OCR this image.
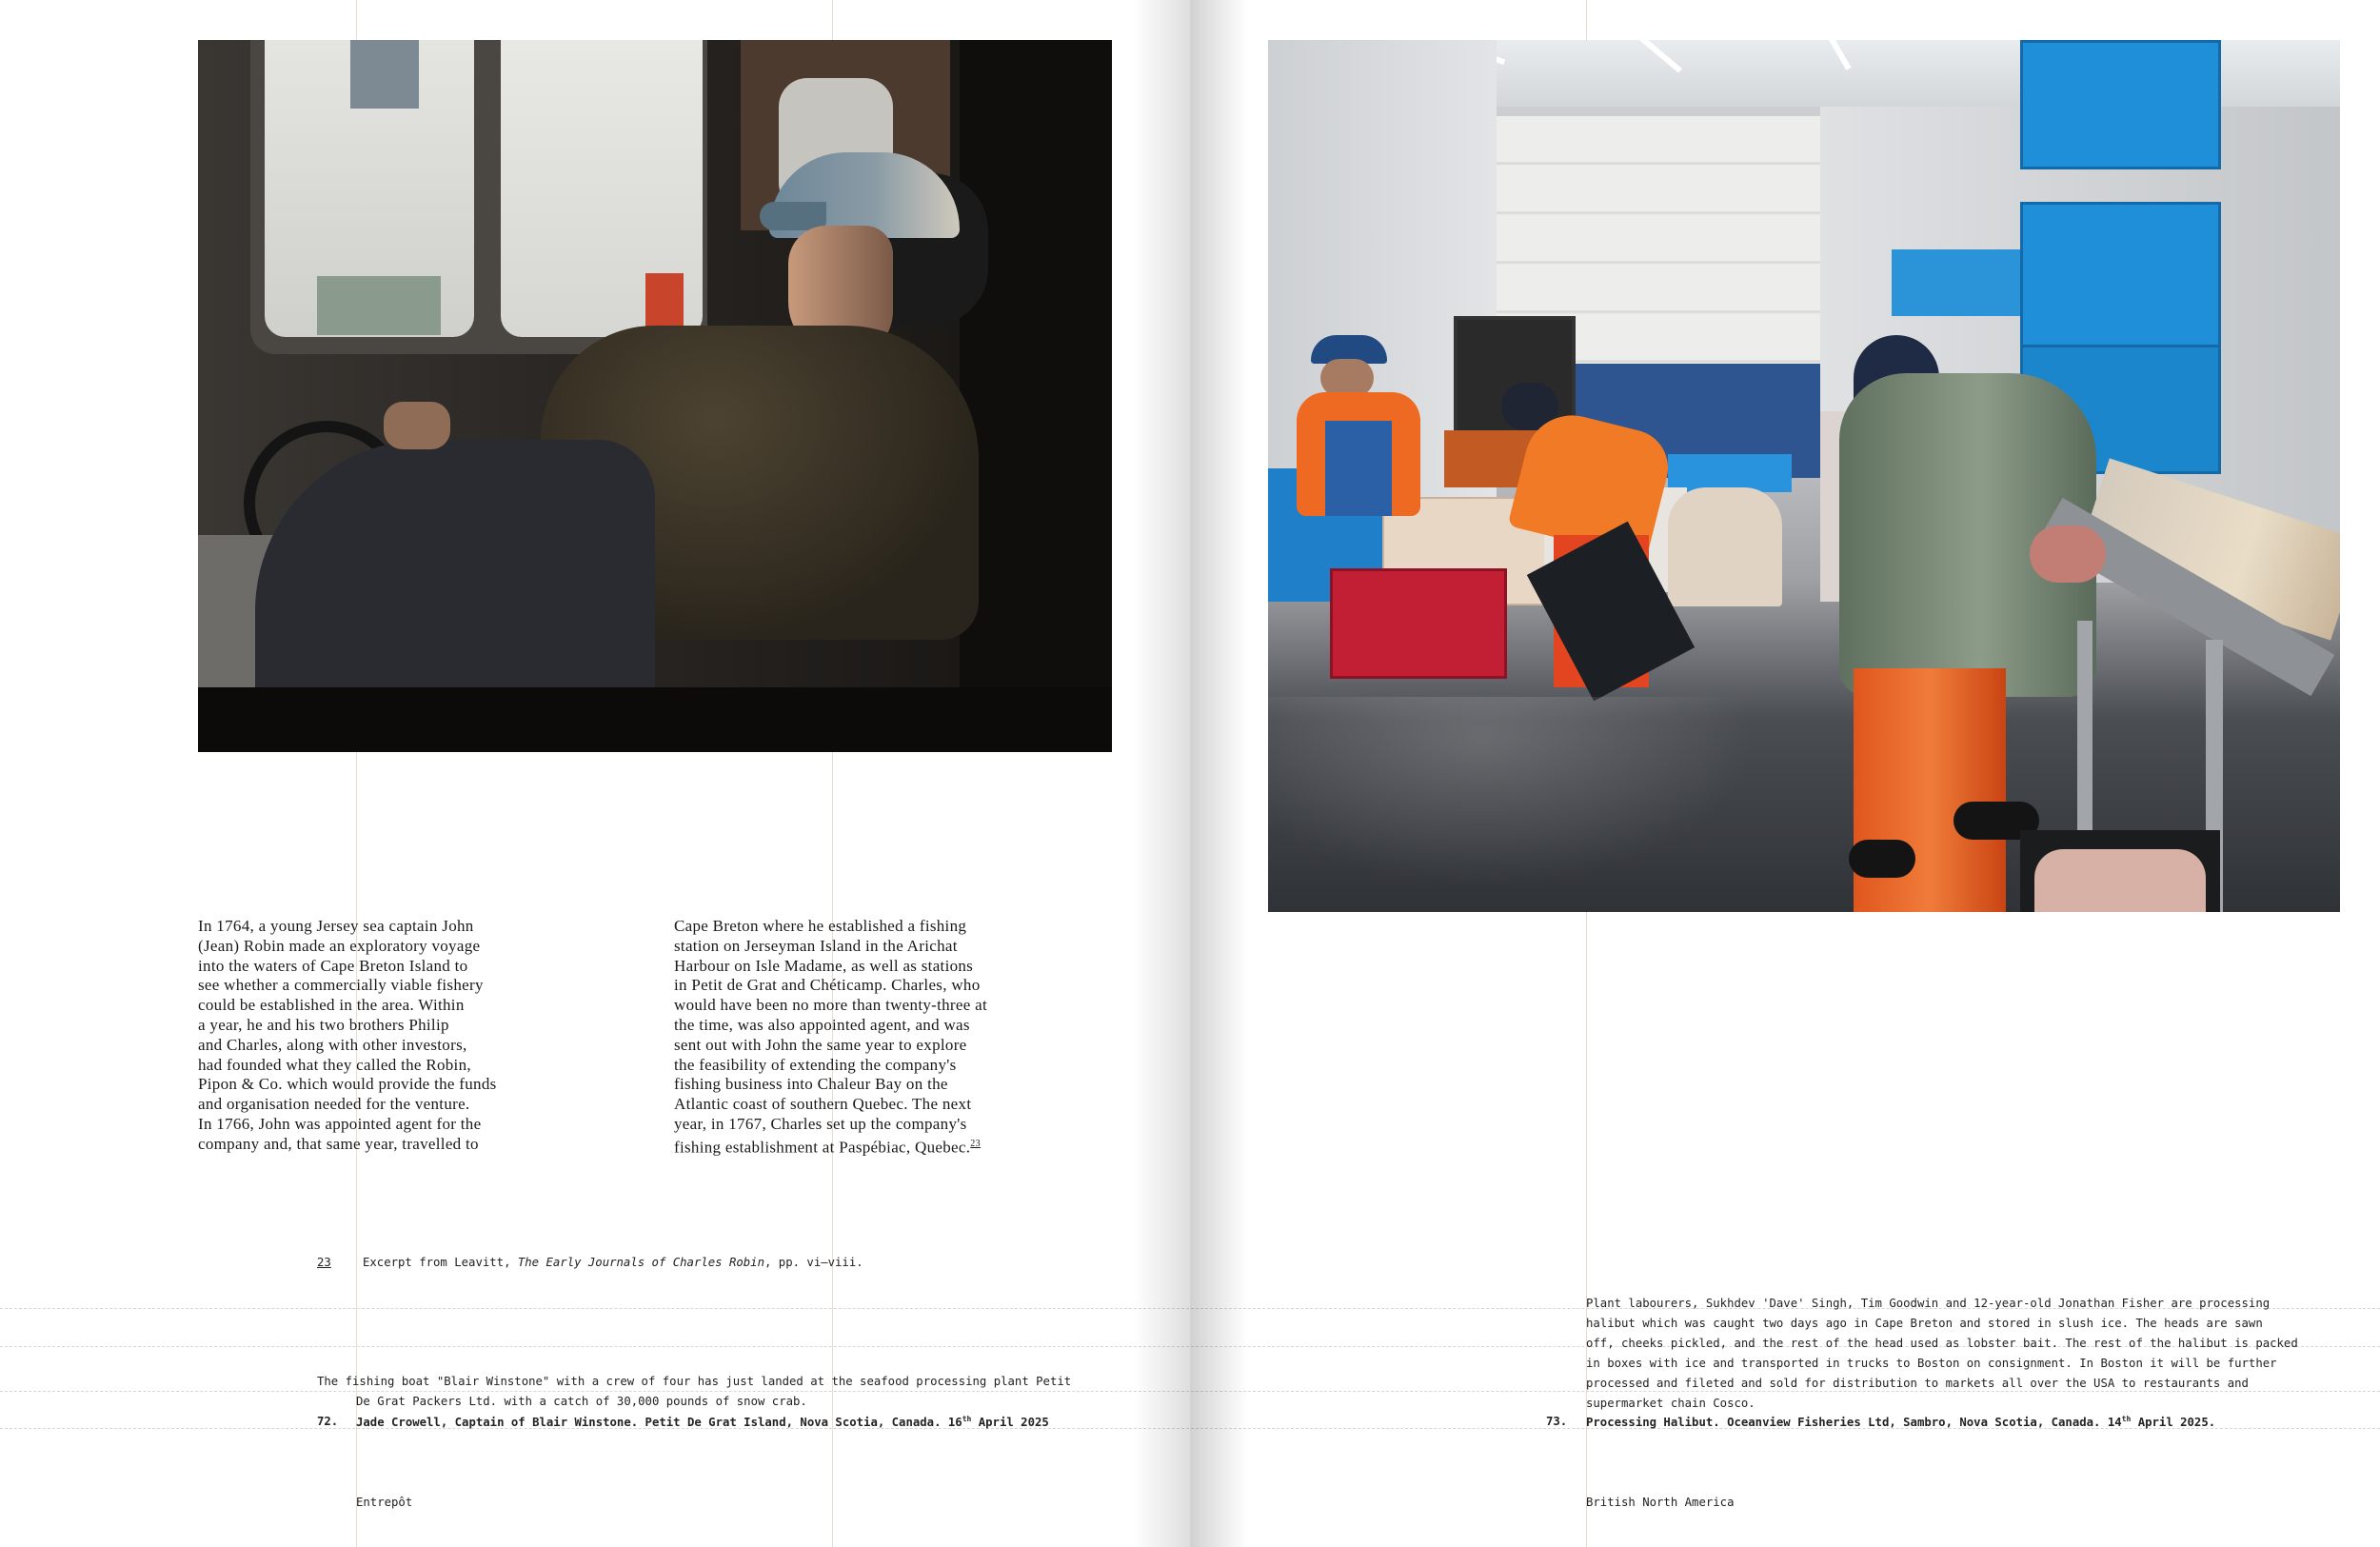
In 1764, a young Jersey sea captain John
(Jean) Robin made an exploratory voyage
into the waters of Cape Breton Island to
see whether a commercially viable fishery
could be established in the area. Within
a year, he and his two brothers Philip
and Charles, along with other investors,
had founded what they called the Robin,
Pipon & Co. which would provide the funds
and organisation needed for the venture.
In 1766, John was appointed agent for the
company and, that same year, travelled to
Cape Breton where he established a fishing
station on Jerseyman Island in the Arichat
Harbour on Isle Madame, as well as stations
in Petit de Grat and Chéticamp. Charles, who
would have been no more than twenty-three at
the time, was also appointed agent, and was
sent out with John the same year to explore
the feasibility of extending the company's
fishing business into Chaleur Bay on the
Atlantic coast of southern Quebec. The next
year, in 1767, Charles set up the company's
fishing establishment at Paspébiac, Quebec.$^{23}$
23	Excerpt from Leavitt, The Early Journals of Charles Robin, pp. vi–viii.
The fishing boat "Blair Winstone" with a crew of four has just landed at the seafood processing plant Petit
De Grat Packers Ltd. with a catch of 30,000 pounds of snow crab.
72. Jade Crowell, Captain of Blair Winstone. Petit De Grat Island, Nova Scotia, Canada. 16th April 2025
Entrepôt
Plant labourers, Sukhdev 'Dave' Singh, Tim Goodwin and 12-year-old Jonathan Fisher are processing
halibut which was caught two days ago in Cape Breton and stored in slush ice. The heads are sawn
off, cheeks pickled, and the rest of the head used as lobster bait. The rest of the halibut is packed
in boxes with ice and transported in trucks to Boston on consignment. In Boston it will be further
processed and fileted and sold for distribution to markets all over the USA to restaurants and
supermarket chain Cosco.
73. Processing Halibut. Oceanview Fisheries Ltd, Sambro, Nova Scotia, Canada. 14th April 2025.
British North America
